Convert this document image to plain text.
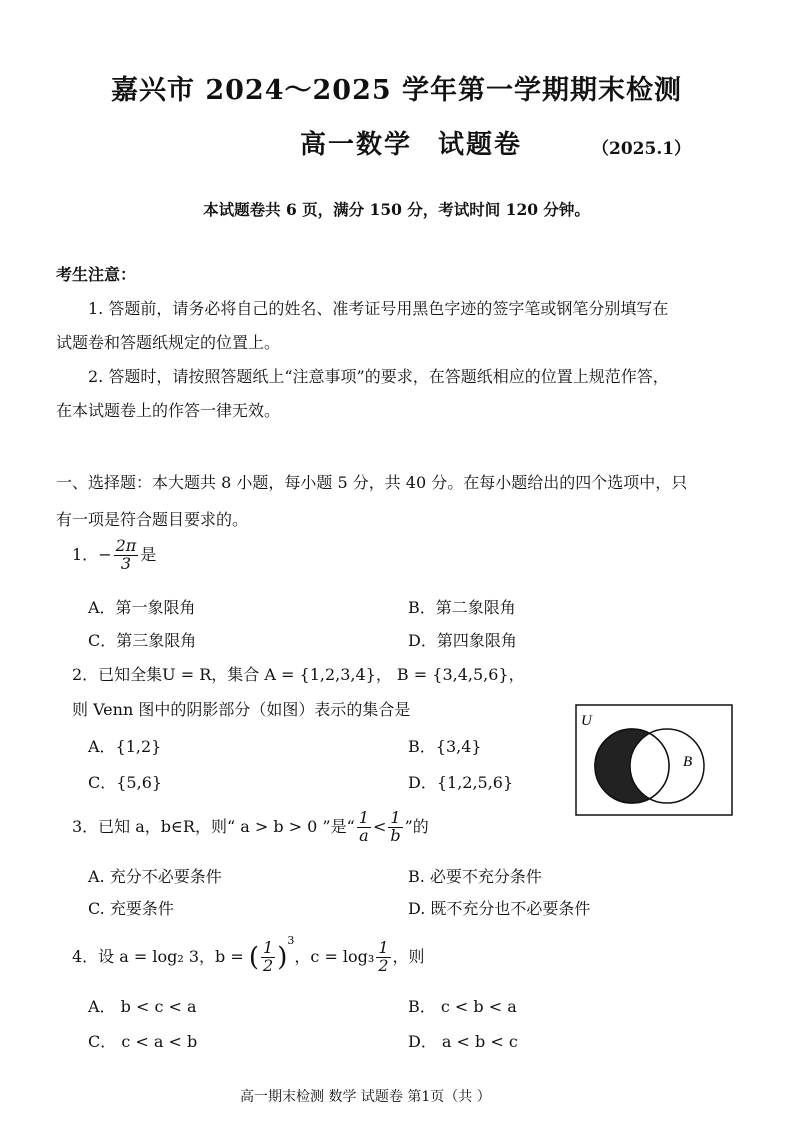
嘉兴市 2024～2025 学年第一学期期末检测
高一数学 试题卷	（2025.1）
本试题卷共 6 页，满分 150 分，考试时间 120 分钟。
考生注意：
1. 答题前，请务必将自己的姓名、准考证号用黑色字迹的签字笔或钢笔分别填写在
试题卷和答题纸规定的位置上。
2. 答题时，请按照答题纸上“注意事项”的要求，在答题纸相应的位置上规范作答，
在本试题卷上的作答一律无效。
一、选择题：本大题共 8 小题，每小题 5 分，共 40 分。在每小题给出的四个选项中，只
有一项是符合题目要求的。
1．− $\frac{2\pi}{3}$ 是
A．第一象限角	B．第二象限角
C．第三象限角	D．第四象限角
2．已知全集U = R，集合 A = {1,2,3,4}， B = {3,4,5,6}，
则 Venn 图中的阴影部分（如图）表示的集合是
A．{1,2}	B．{3,4}
C．{5,6}	D．{1,2,5,6}
U
B
3．已知 a，b∈R，则“ a > b > 0 ”是“ $\frac{1}{a} < \frac{1}{b}$ ”的
A. 充分不必要条件	B. 必要不充分条件
C. 充要条件	D. 既不充分也不必要条件
4．设 a = log₂ 3，b = ( $\frac{1}{2} )^3$，$c = \log_3 \frac{1}{2}$ ，则
A． b < c < a	B． c < b < a
C． c < a < b	D． a < b < c
高一期末检测 数学 试题卷 第1页（共 ）
